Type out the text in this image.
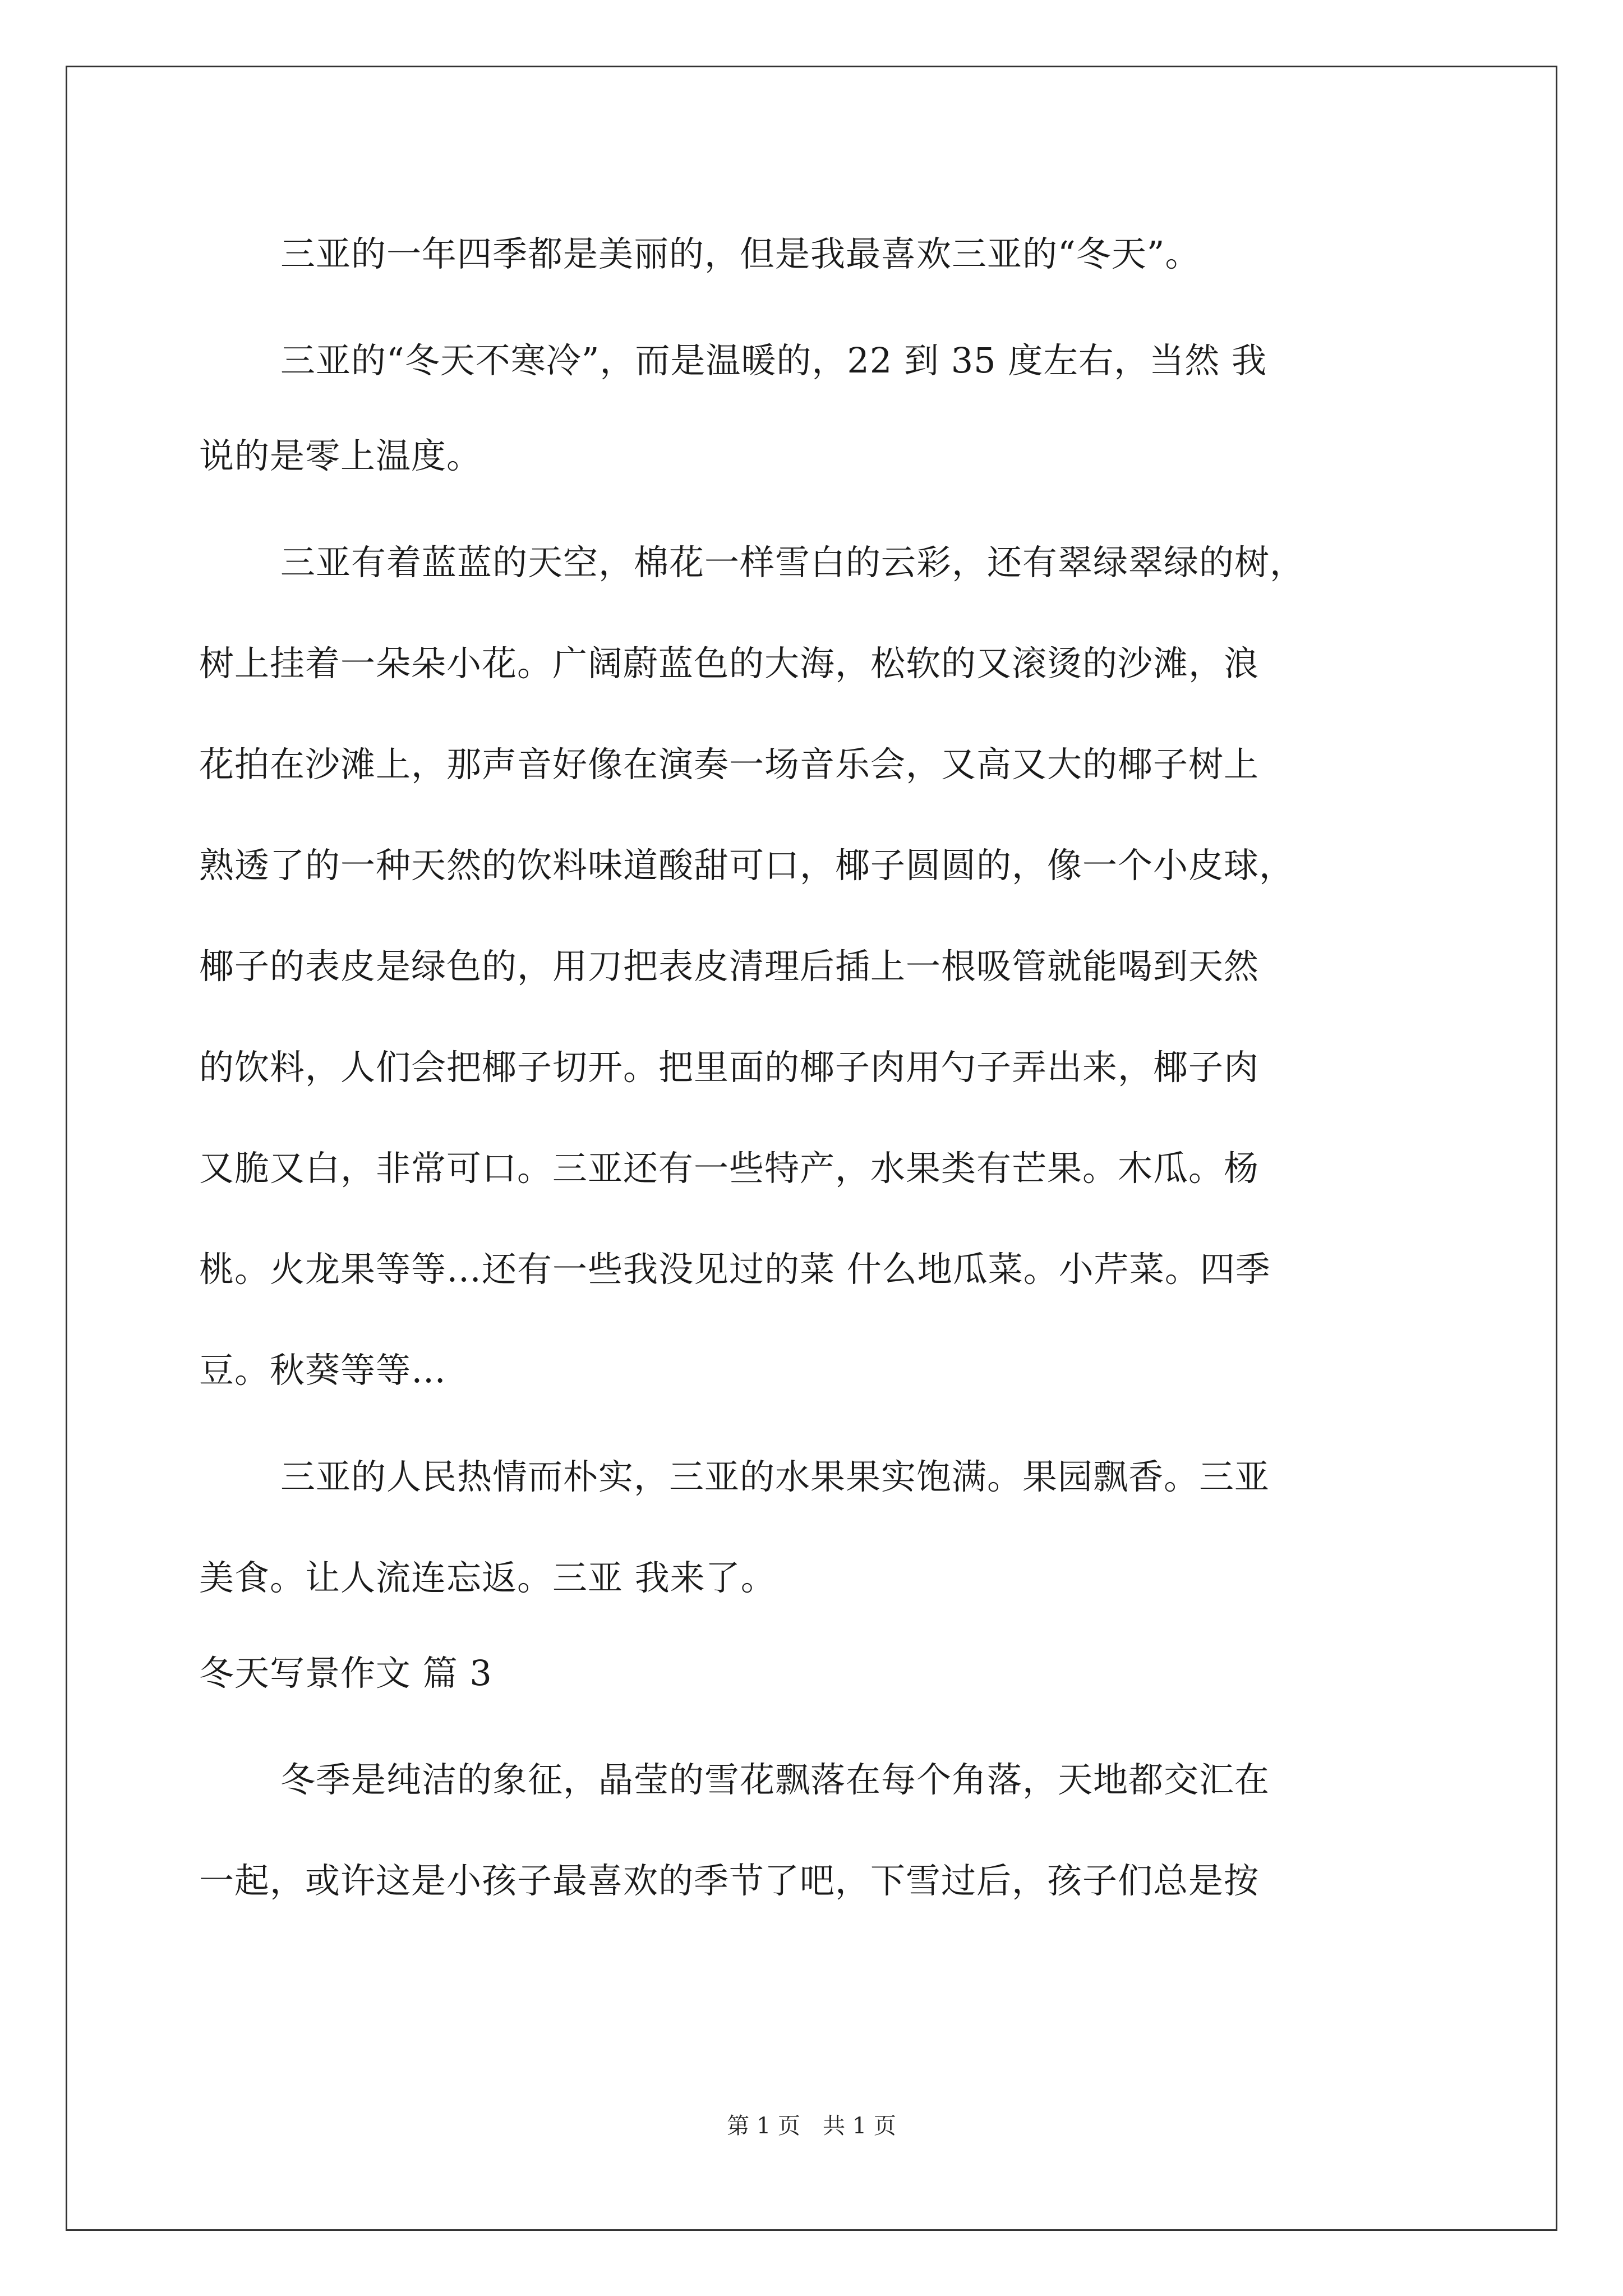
三亚的一年四季都是美丽的，但是我最喜欢三亚的“冬天”。
三亚的“冬天不寒冷”，而是温暖的，22 到 35 度左右，当然 我
说的是零上温度。
三亚有着蓝蓝的天空，棉花一样雪白的云彩，还有翠绿翠绿的树，
树上挂着一朵朵小花。广阔蔚蓝色的大海，松软的又滚烫的沙滩，浪
花拍在沙滩上，那声音好像在演奏一场音乐会，又高又大的椰子树上
熟透了的一种天然的饮料味道酸甜可口，椰子圆圆的，像一个小皮球，
椰子的表皮是绿色的，用刀把表皮清理后插上一根吸管就能喝到天然
的饮料，人们会把椰子切开。把里面的椰子肉用勺子弄出来，椰子肉
又脆又白，非常可口。三亚还有一些特产，水果类有芒果。木瓜。杨
桃。火龙果等等…还有一些我没见过的菜 什么地瓜菜。小芹菜。四季
豆。秋葵等等…
三亚的人民热情而朴实，三亚的水果果实饱满。果园飘香。三亚
美食。让人流连忘返。三亚 我来了。
冬天写景作文 篇 3
冬季是纯洁的象征，晶莹的雪花飘落在每个角落，天地都交汇在
一起，或许这是小孩子最喜欢的季节了吧，下雪过后，孩子们总是按
第 1 页　共 1 页
